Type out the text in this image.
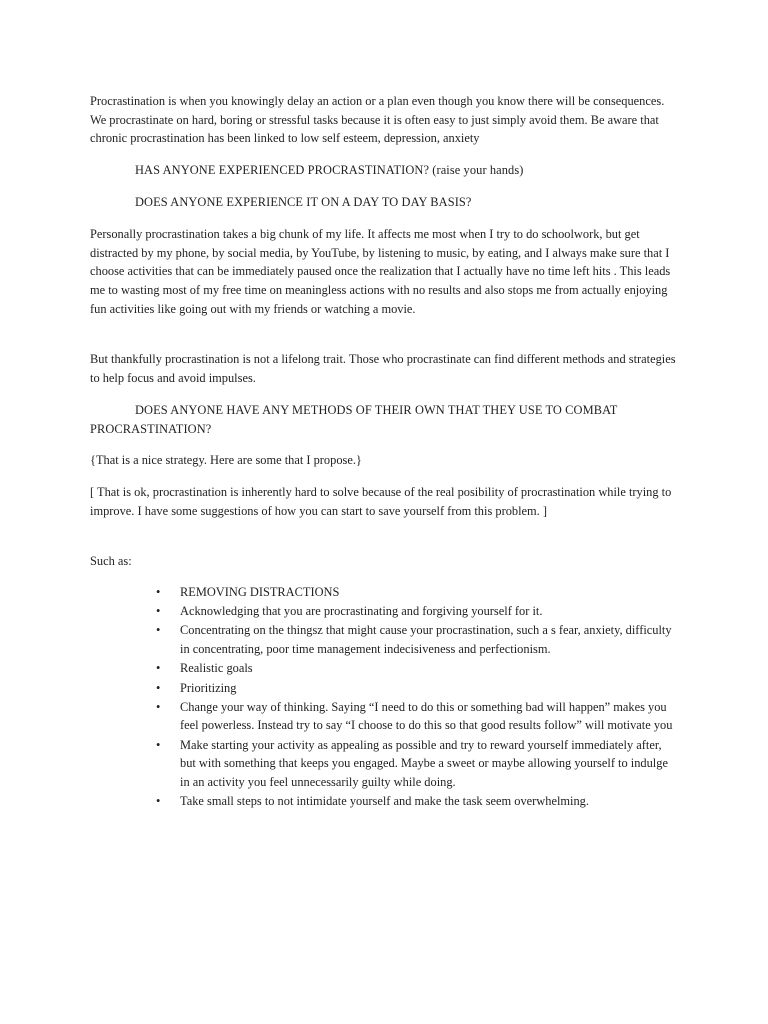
Procrastination is when you knowingly delay an action or a plan even though you know there will be consequences. We procrastinate on hard, boring or stressful tasks because it is often easy to just simply avoid them. Be aware that chronic procrastination has been linked to low self esteem, depression, anxiety

HAS ANYONE EXPERIENCED PROCRASTINATION? (raise your hands)

DOES ANYONE EXPERIENCE IT ON A DAY TO DAY BASIS?

Personally procrastination takes a big chunk of my life. It affects me most when I try to do schoolwork, but get distracted by my phone, by social media, by YouTube, by listening to music, by eating, and I always make sure that I choose activities that can be immediately paused once the realization that I actually have no time left hits . This leads me to wasting most of my free time on meaningless actions with no results and also stops me from actually enjoying fun activities like going out with my friends or watching a movie.

But thankfully procrastination is not a lifelong trait. Those who procrastinate can find different methods and strategies to help focus and avoid impulses.

DOES ANYONE HAVE ANY METHODS OF THEIR OWN THAT THEY USE TO COMBAT PROCRASTINATION?

{That is a nice strategy. Here are some that I propose.}

[ That is ok, procrastination is inherently hard to solve because of the real posibility of procrastination while trying to improve. I have some suggestions of how you can start to save yourself from this problem. ]

Such as:

• REMOVING DISTRACTIONS
• Acknowledging that you are procrastinating and forgiving yourself for it.
• Concentrating on the thingsz that might cause your procrastination, such a s fear, anxiety, difficulty in concentrating, poor time management indecisiveness and perfectionism.
• Realistic goals
• Prioritizing
• Change your way of thinking. Saying “I need to do this or something bad will happen” makes you feel powerless. Instead try to say “I choose to do this so that good results follow” will motivate you
• Make starting your activity as appealing as possible and try to reward yourself immediately after, but with something that keeps you engaged. Maybe a sweet or maybe allowing yourself to indulge in an activity you feel unnecessarily guilty while doing.
• Take small steps to not intimidate yourself and make the task seem overwhelming.
